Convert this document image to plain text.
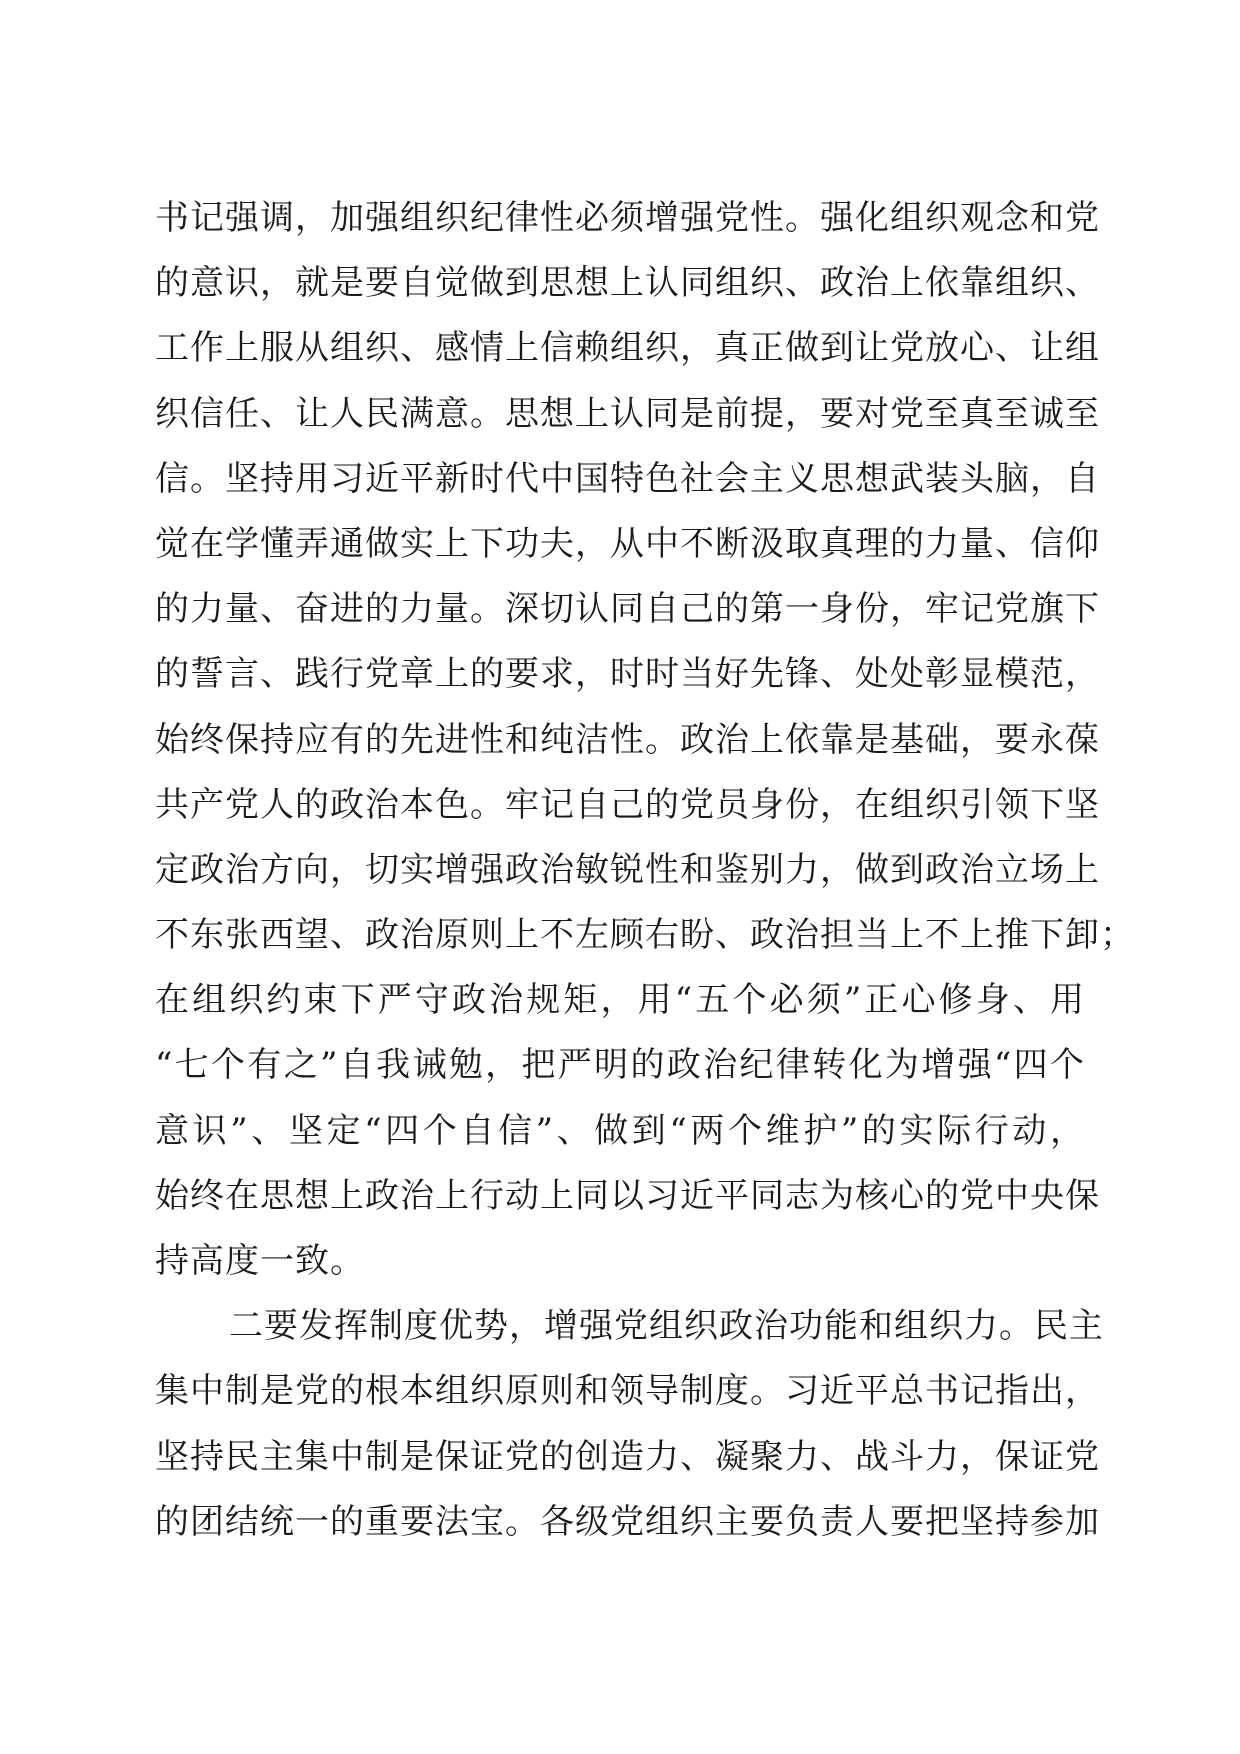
书记强调，加强组织纪律性必须增强党性。强化组织观念和党
的意识，就是要自觉做到思想上认同组织、政治上依靠组织、
工作上服从组织、感情上信赖组织，真正做到让党放心、让组
织信任、让人民满意。思想上认同是前提，要对党至真至诚至
信。坚持用习近平新时代中国特色社会主义思想武装头脑，自
觉在学懂弄通做实上下功夫，从中不断汲取真理的力量、信仰
的力量、奋进的力量。深切认同自己的第一身份，牢记党旗下
的誓言、践行党章上的要求，时时当好先锋、处处彰显模范，
始终保持应有的先进性和纯洁性。政治上依靠是基础，要永葆
共产党人的政治本色。牢记自己的党员身份，在组织引领下坚
定政治方向，切实增强政治敏锐性和鉴别力，做到政治立场上
不东张西望、政治原则上不左顾右盼、政治担当上不上推下卸；
在组织约束下严守政治规矩，用“五个必须”正心修身、用
“七个有之”自我诫勉，把严明的政治纪律转化为增强“四个
意识”、坚定“四个自信”、做到“两个维护”的实际行动，
始终在思想上政治上行动上同以习近平同志为核心的党中央保
持高度一致。
二要发挥制度优势，增强党组织政治功能和组织力。民主
集中制是党的根本组织原则和领导制度。习近平总书记指出，
坚持民主集中制是保证党的创造力、凝聚力、战斗力，保证党
的团结统一的重要法宝。各级党组织主要负责人要把坚持参加
